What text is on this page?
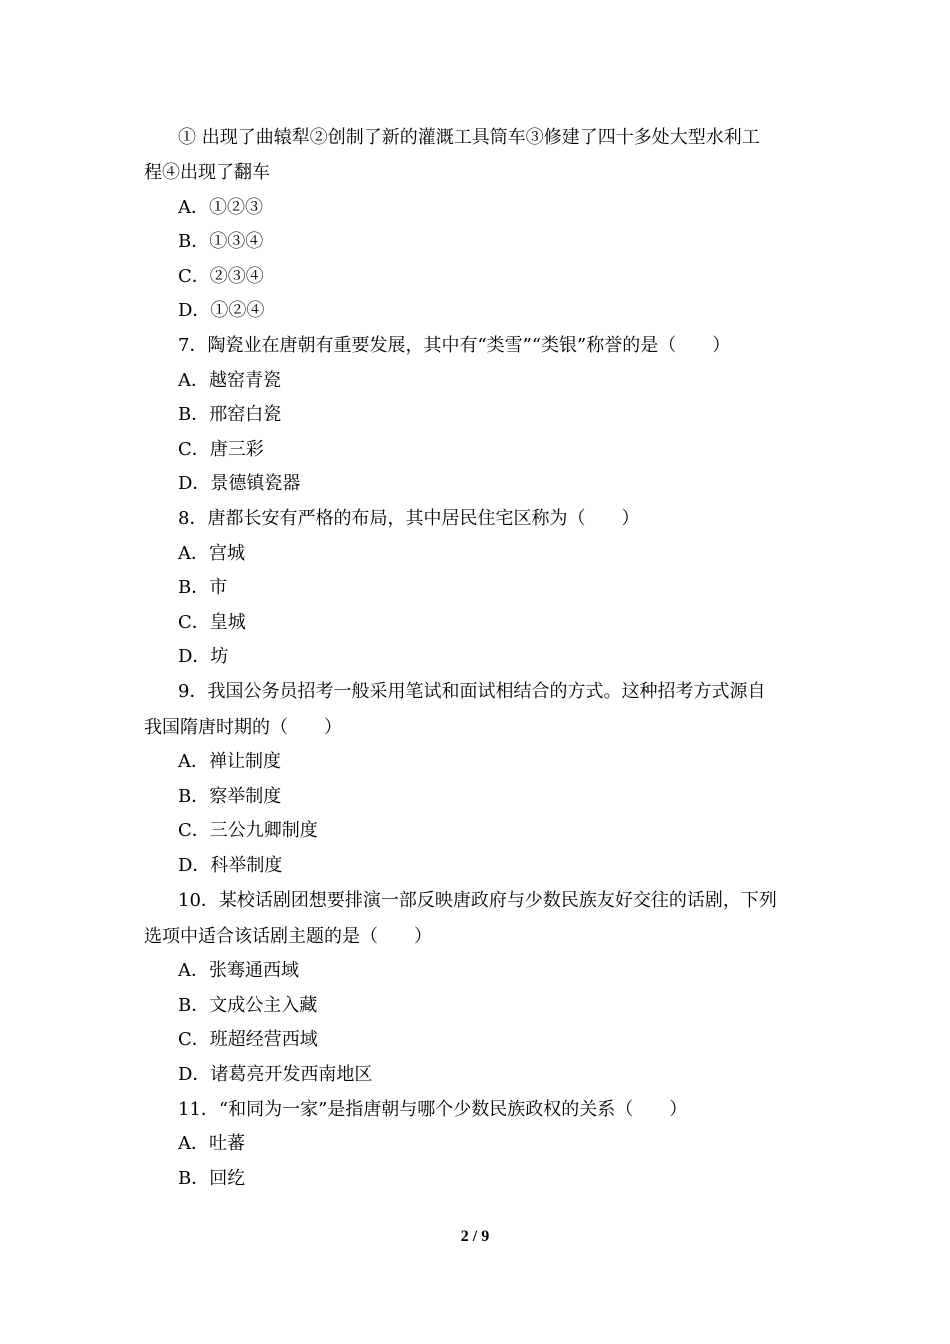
① 出现了曲辕犁②创制了新的灌溉工具筒车③修建了四十多处大型水利工
程④出现了翻车
A．①②③
B．①③④
C．②③④
D．①②④
7．陶瓷业在唐朝有重要发展，其中有“类雪”“类银”称誉的是（　　）
A．越窑青瓷
B．邢窑白瓷
C．唐三彩
D．景德镇瓷器
8．唐都长安有严格的布局，其中居民住宅区称为（　　）
A．宫城
B．市
C．皇城
D．坊
9．我国公务员招考一般采用笔试和面试相结合的方式。这种招考方式源自
我国隋唐时期的（　　）
A．禅让制度
B．察举制度
C．三公九卿制度
D．科举制度
10．某校话剧团想要排演一部反映唐政府与少数民族友好交往的话剧，下列
选项中适合该话剧主题的是（　　）
A．张骞通西域
B．文成公主入藏
C．班超经营西域
D．诸葛亮开发西南地区
11．“和同为一家”是指唐朝与哪个少数民族政权的关系（　　）
A．吐蕃
B．回纥
2 / 9
